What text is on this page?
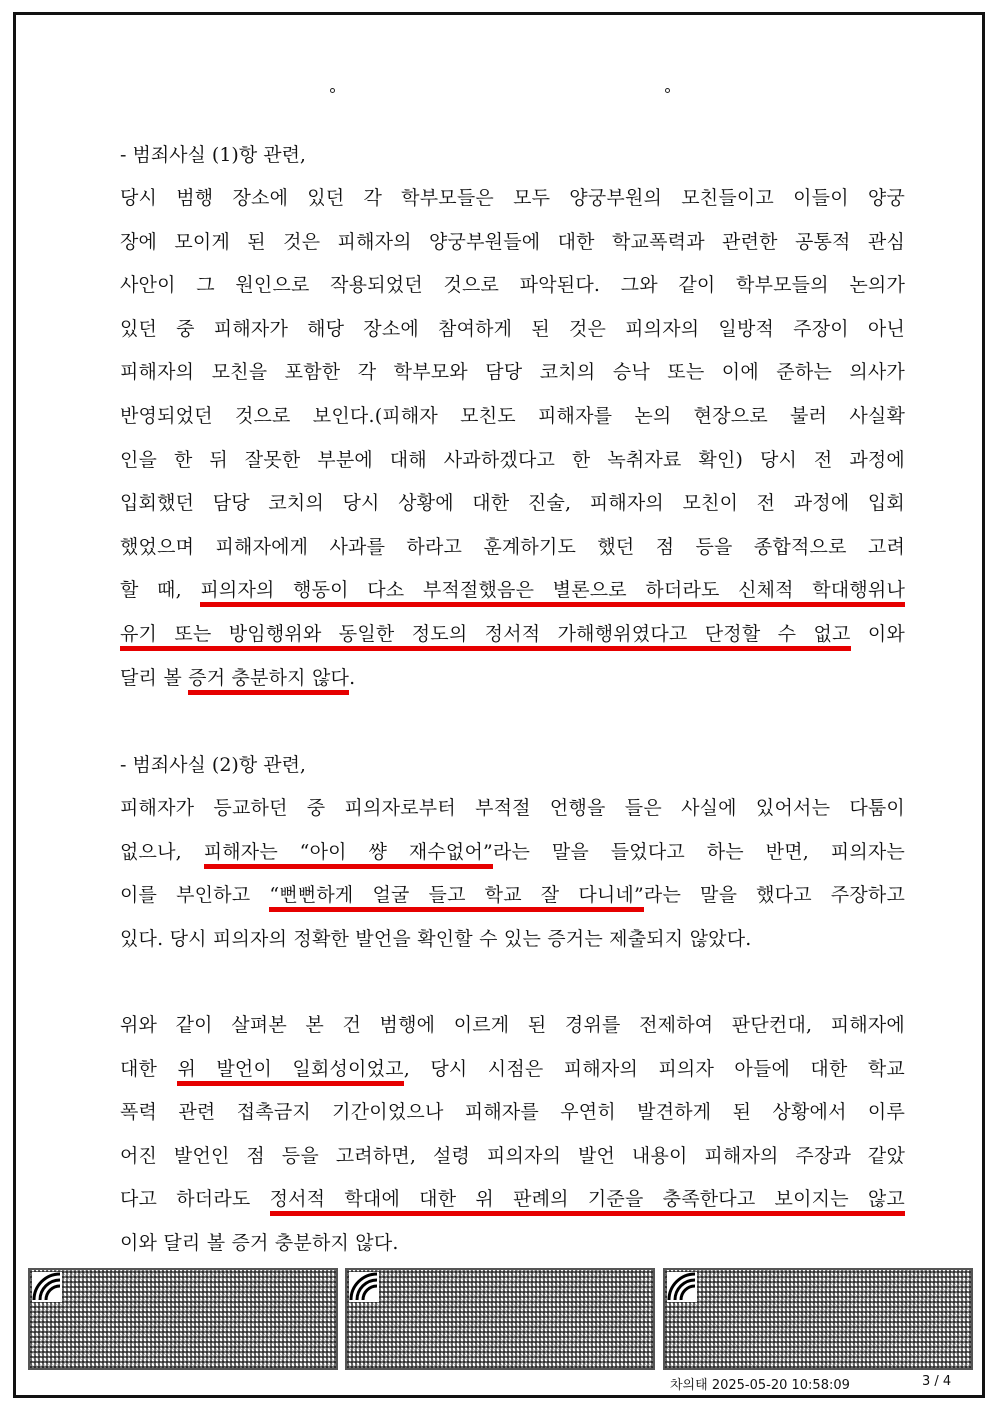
- 범죄사실 (1)항 관련,
당시 범행 장소에 있던 각 학부모들은 모두 양궁부원의 모친들이고 이들이 양궁
장에 모이게 된 것은 피해자의 양궁부원들에 대한 학교폭력과 관련한 공통적 관심
사안이 그 원인으로 작용되었던 것으로 파악된다. 그와 같이 학부모들의 논의가
있던 중 피해자가 해당 장소에 참여하게 된 것은 피의자의 일방적 주장이 아닌
피해자의 모친을 포함한 각 학부모와 담당 코치의 승낙 또는 이에 준하는 의사가
반영되었던 것으로 보인다.(피해자 모친도 피해자를 논의 현장으로 불러 사실확
인을 한 뒤 잘못한 부분에 대해 사과하겠다고 한 녹취자료 확인) 당시 전 과정에
입회했던 담당 코치의 당시 상황에 대한 진술, 피해자의 모친이 전 과정에 입회
했었으며 피해자에게 사과를 하라고 훈계하기도 했던 점 등을 종합적으로 고려
할 때, 피의자의 행동이 다소 부적절했음은 별론으로 하더라도 신체적 학대행위나
유기 또는 방임행위와 동일한 정도의 정서적 가해행위였다고 단정할 수 없고 이와
달리 볼 증거 충분하지 않다.
- 범죄사실 (2)항 관련,
피해자가 등교하던 중 피의자로부터 부적절 언행을 들은 사실에 있어서는 다툼이
없으나, 피해자는 “아이 썅 재수없어”라는 말을 들었다고 하는 반면, 피의자는
이를 부인하고 “뻔뻔하게 얼굴 들고 학교 잘 다니네”라는 말을 했다고 주장하고
있다. 당시 피의자의 정확한 발언을 확인할 수 있는 증거는 제출되지 않았다.
위와 같이 살펴본 본 건 범행에 이르게 된 경위를 전제하여 판단컨대, 피해자에
대한 위 발언이 일회성이었고, 당시 시점은 피해자의 피의자 아들에 대한 학교
폭력 관련 접촉금지 기간이었으나 피해자를 우연히 발견하게 된 상황에서 이루
어진 발언인 점 등을 고려하면, 설령 피의자의 발언 내용이 피해자의 주장과 같았
다고 하더라도 정서적 학대에 대한 위 판례의 기준을 충족한다고 보이지는 않고
이와 달리 볼 증거 충분하지 않다.
차의태 2025-05-20 10:58:09	3 / 4
